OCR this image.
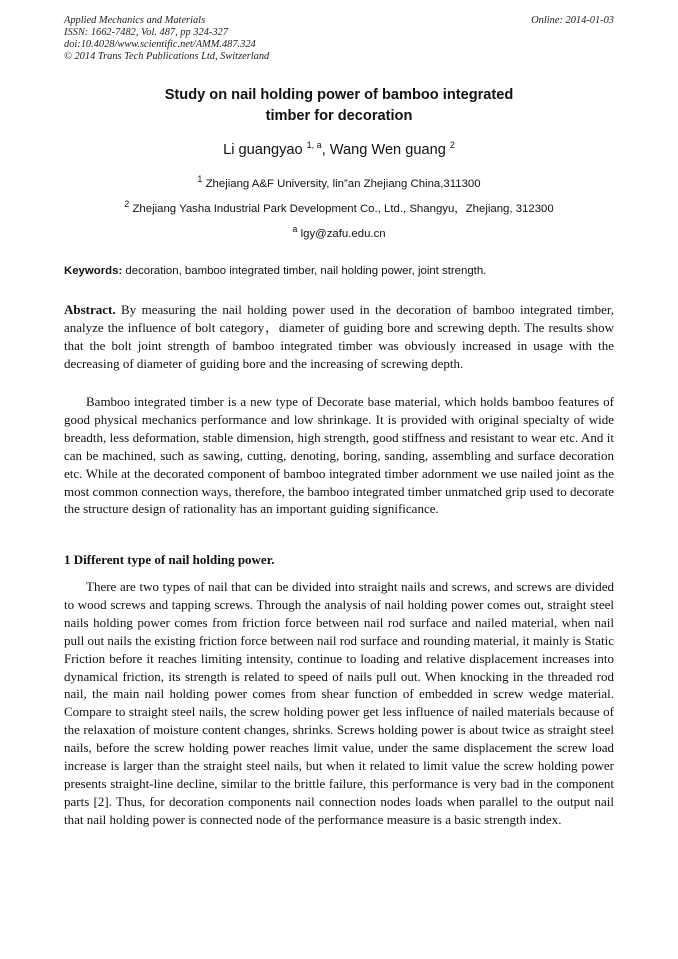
Applied Mechanics and Materials
ISSN: 1662-7482, Vol. 487, pp 324-327
doi:10.4028/www.scientific.net/AMM.487.324
© 2014 Trans Tech Publications Ltd, Switzerland
Online: 2014-01-03
Study on nail holding power of bamboo integrated
timber for decoration
Li guangyao $^{1, a}$, Wang Wen guang $^2$
$^1$ Zhejiang A&F University, lin”an Zhejiang China,311300
$^2$ Zhejiang Yasha Industrial Park Development Co., Ltd., Shangyu，Zhejiang, 312300
$^a$ lgy@zafu.edu.cn
Keywords: decoration, bamboo integrated timber, nail holding power, joint strength.
Abstract. By measuring the nail holding power used in the decoration of bamboo integrated timber, analyze the influence of bolt category，diameter of guiding bore and screwing depth. The results show that the bolt joint strength of bamboo integrated timber was obviously increased in usage with the decreasing of diameter of guiding bore and the increasing of screwing depth.
Bamboo integrated timber is a new type of Decorate base material, which holds bamboo features of good physical mechanics performance and low shrinkage. It is provided with original specialty of wide breadth, less deformation, stable dimension, high strength, good stiffness and resistant to wear etc. And it can be machined, such as sawing, cutting, denoting, boring, sanding, assembling and surface decoration etc. While at the decorated component of bamboo integrated timber adornment we use nailed joint as the most common connection ways, therefore, the bamboo integrated timber unmatched grip used to decorate the structure design of rationality has an important guiding significance.
1 Different type of nail holding power.
There are two types of nail that can be divided into straight nails and screws, and screws are divided to wood screws and tapping screws. Through the analysis of nail holding power comes out, straight steel nails holding power comes from friction force between nail rod surface and nailed material, when nail pull out nails the existing friction force between nail rod surface and rounding material, it mainly is Static Friction before it reaches limiting intensity, continue to loading and relative displacement increases into dynamical friction, its strength is related to speed of nails pull out. When knocking in the threaded rod nail, the main nail holding power comes from shear function of embedded in screw wedge material. Compare to straight steel nails, the screw holding power get less influence of nailed materials because of the relaxation of moisture content changes, shrinks. Screws holding power is about twice as straight steel nails, before the screw holding power reaches limit value, under the same displacement the screw load increase is larger than the straight steel nails, but when it related to limit value the screw holding power presents straight-line decline, similar to the brittle failure, this performance is very bad in the component parts [2]. Thus, for decoration components nail connection nodes loads when parallel to the output nail that nail holding power is connected node of the performance measure is a basic strength index.
